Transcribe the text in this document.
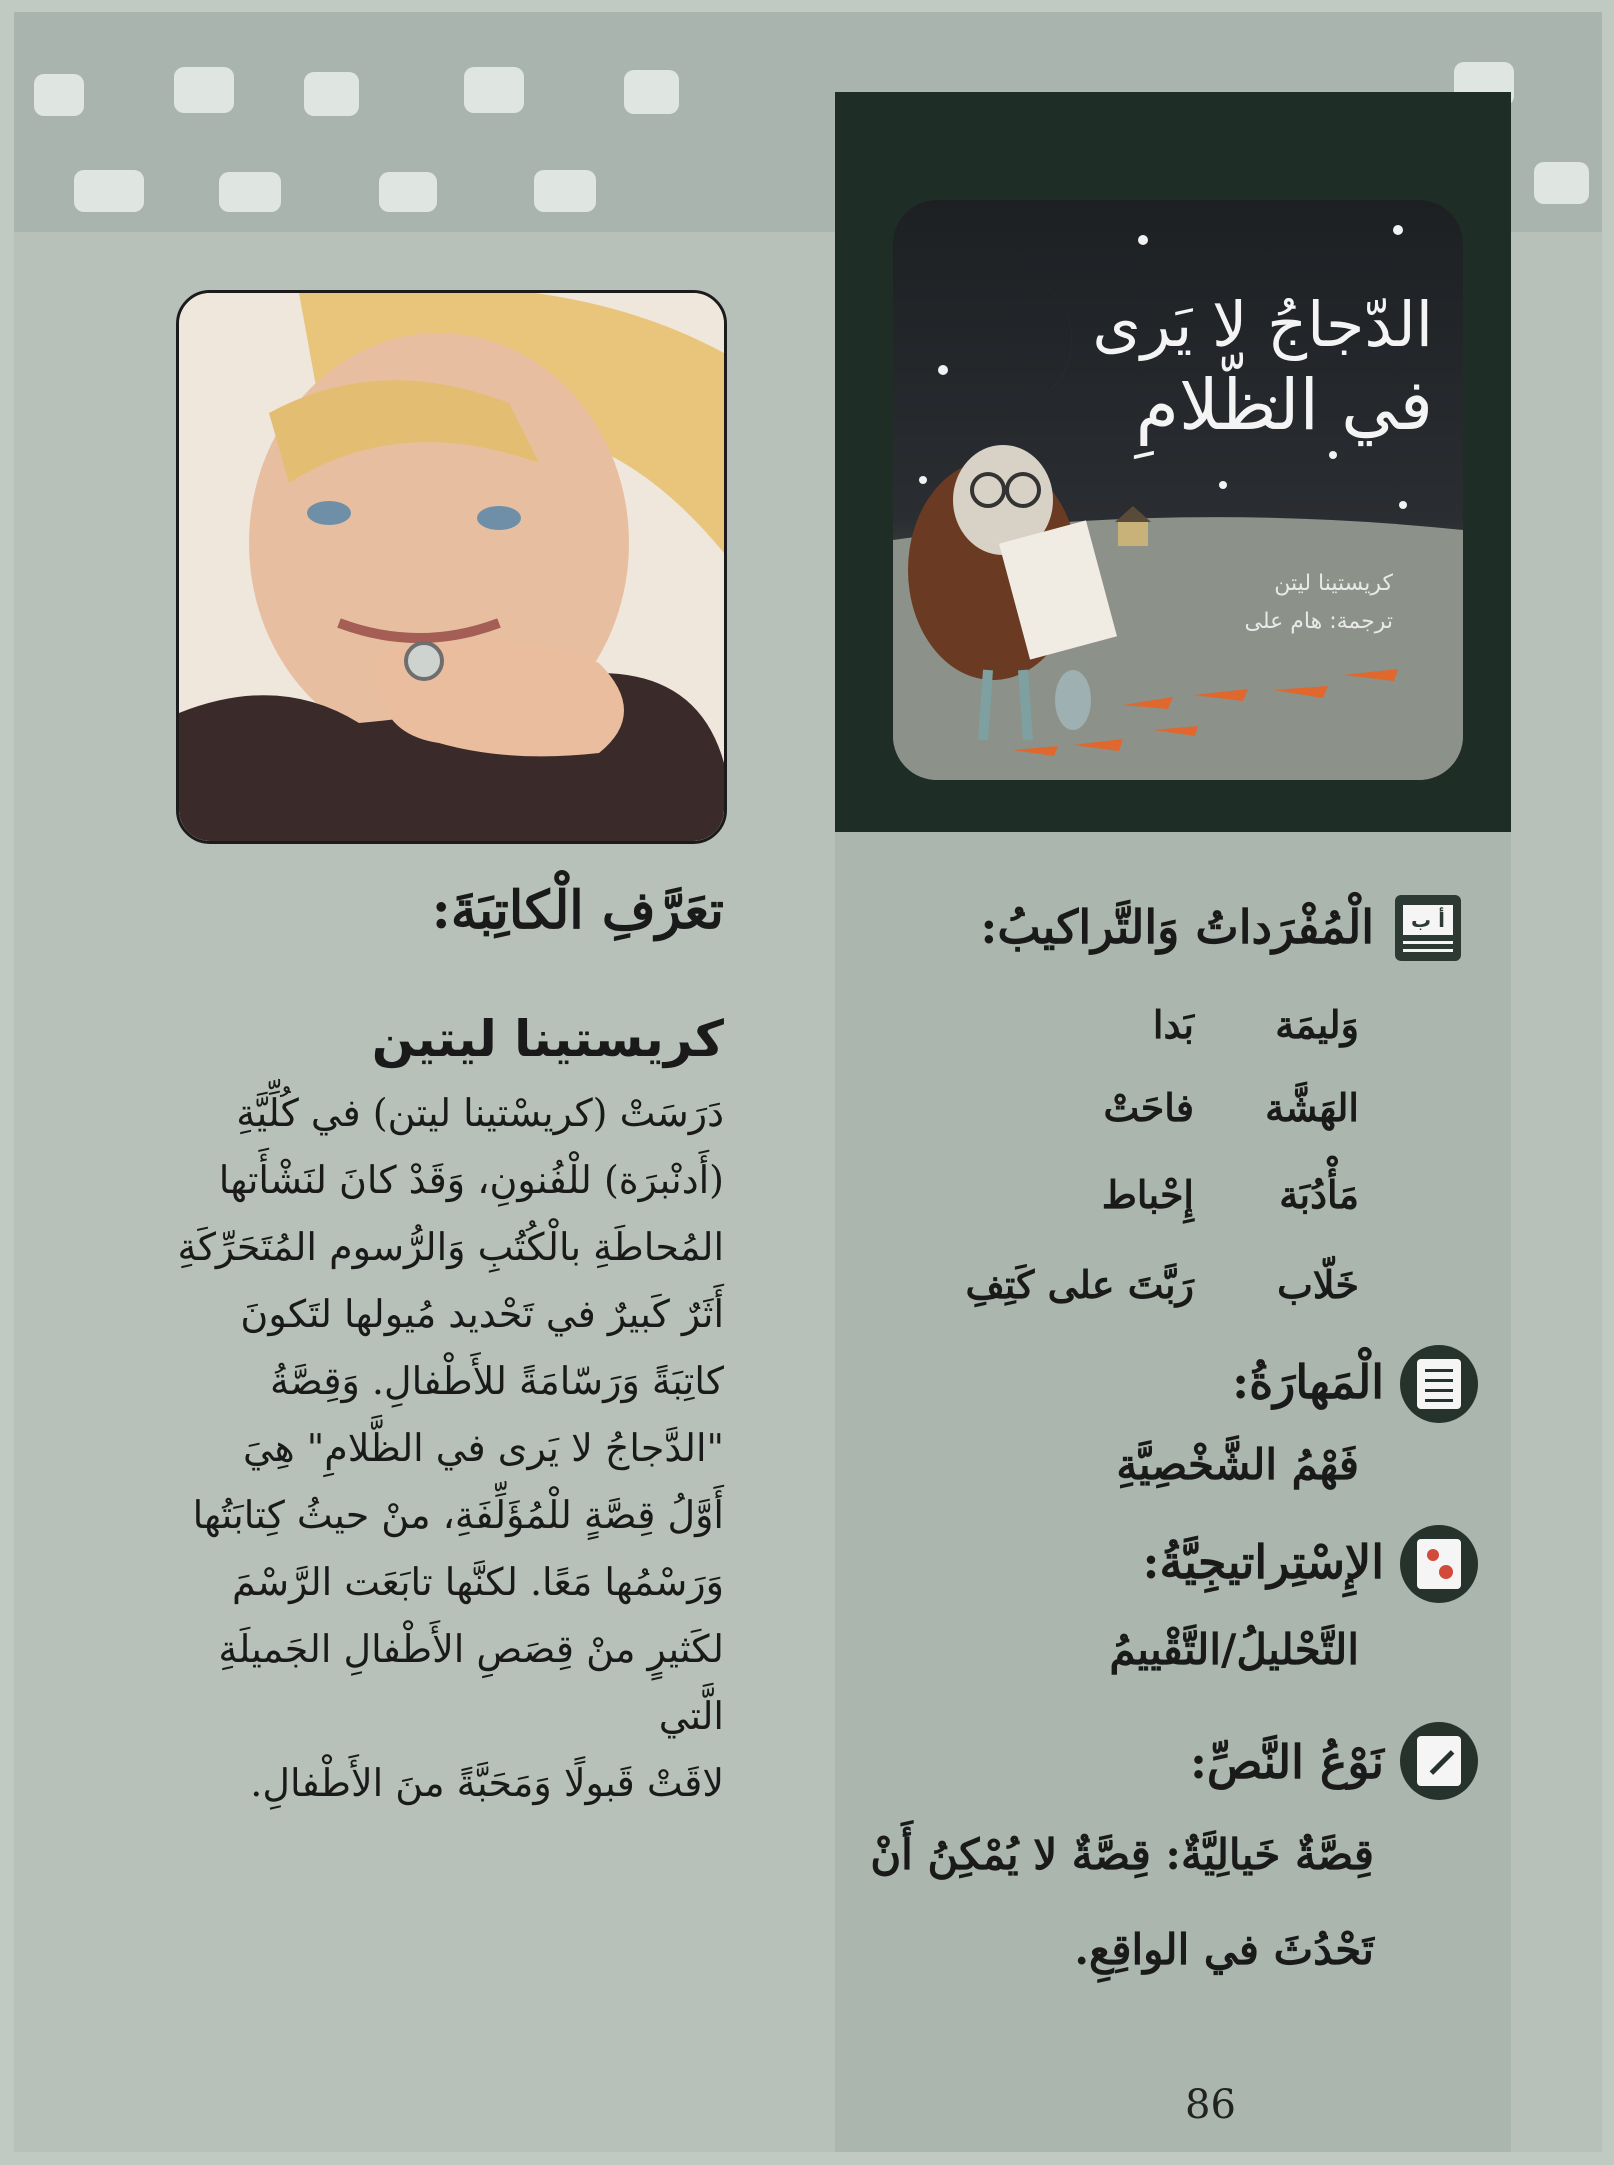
الدّجاجُ لا يَرى
في الظّلامِ
كريستينا ليتن
ترجمة: هام على
تعَرَّفِ الْكاتِبَةَ:
كريستينا ليتين
دَرَسَتْ (كريسْتينا ليتن) في كُلِّيَّةِ
(أَدنْبرَة) للْفُنونِ، وَقَدْ كانَ لنَشْأَتها
المُحاطَةِ بالْكُتُبِ وَالرُّسوم المُتَحَرِّكَةِ
أَثَرٌ كَبيرٌ في تَحْديد مُيولها لتَكونَ
كاتِبَةً وَرَسّامَةً للأَطْفالِ. وَقِصَّةُ
"الدَّجاجُ لا يَرى في الظَّلامِ" هِيَ
أَوَّلُ قِصَّةٍ للْمُؤَلِّفَةِ، منْ حيثُ كِتابَتُها
وَرَسْمُها مَعًا. لكنَّها تابَعَت الرَّسْمَ
لكَثيرٍ منْ قِصَصِ الأَطْفالِ الجَميلَةِ الَّتي
لاقَتْ قَبولًا وَمَحَبَّةً منَ الأَطْفالِ.
أ ب
الْمُفْرَداتُ وَالتَّراكيبُ:
وَليمَة
بَدا
الهَشَّة
فاحَتْ
مَأْدُبَة
إِحْباط
خَلّاب
رَبَّتَ على كَتِفِ
الْمَهارَةُ:
فَهْمُ الشَّخْصِيَّةِ
الإِسْتِراتيجِيَّةُ:
التَّحْليلُ/التَّقْييمُ
نَوْعُ النَّصِّ:
قِصَّةٌ خَيالِيَّةٌ: قِصَّةٌ لا يُمْكِنُ أَنْ
تَحْدُثَ في الواقِعِ.
86
